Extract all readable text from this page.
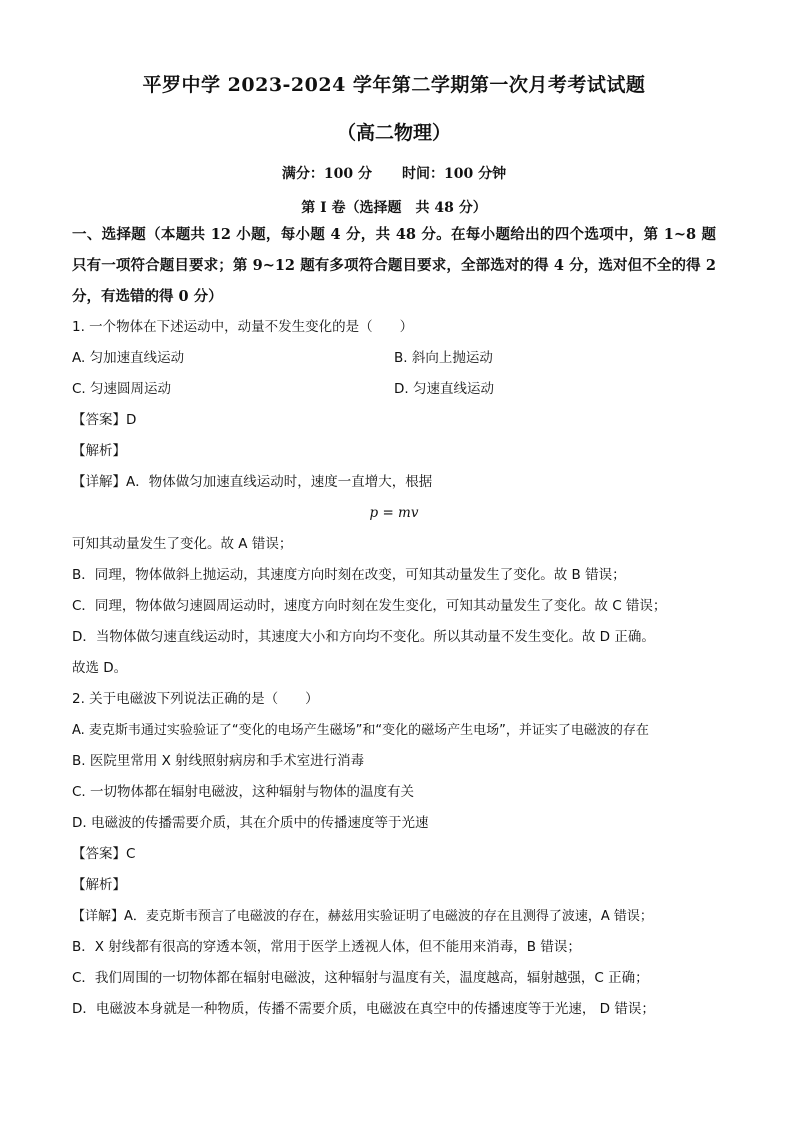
平罗中学 2023-2024 学年第二学期第一次月考考试试题
（高二物理）
满分：100 分 时间：100 分钟
第 I 卷（选择题　共 48 分）
一、选择题（本题共 12 小题，每小题 4 分，共 48 分。在每小题给出的四个选项中，第 1~8 题只有一项符合题目要求；第 9~12 题有多项符合题目要求，全部选对的得 4 分，选对但不全的得 2 分，有选错的得 0 分）
1. 一个物体在下述运动中，动量不发生变化的是（　　）
A. 匀加速直线运动	B. 斜向上抛运动
C. 匀速圆周运动	D. 匀速直线运动
【答案】D
【解析】
【详解】A．物体做匀加速直线运动时，速度一直增大，根据
p = mv
可知其动量发生了变化。故 A 错误；
B．同理，物体做斜上抛运动，其速度方向时刻在改变，可知其动量发生了变化。故 B 错误；
C．同理，物体做匀速圆周运动时，速度方向时刻在发生变化，可知其动量发生了变化。故 C 错误；
D．当物体做匀速直线运动时，其速度大小和方向均不变化。所以其动量不发生变化。故 D 正确。
故选 D。
2. 关于电磁波下列说法正确的是（　　）
A. 麦克斯韦通过实验验证了“变化的电场产生磁场”和“变化的磁场产生电场”，并证实了电磁波的存在
B. 医院里常用 X 射线照射病房和手术室进行消毒
C. 一切物体都在辐射电磁波，这种辐射与物体的温度有关
D. 电磁波的传播需要介质，其在介质中的传播速度等于光速
【答案】C
【解析】
【详解】A．麦克斯韦预言了电磁波的存在，赫兹用实验证明了电磁波的存在且测得了波速，A 错误；
B．X 射线都有很高的穿透本领，常用于医学上透视人体，但不能用来消毒，B 错误；
C．我们周围的一切物体都在辐射电磁波，这种辐射与温度有关，温度越高，辐射越强，C 正确；
D．电磁波本身就是一种物质，传播不需要介质，电磁波在真空中的传播速度等于光速， D 错误；
